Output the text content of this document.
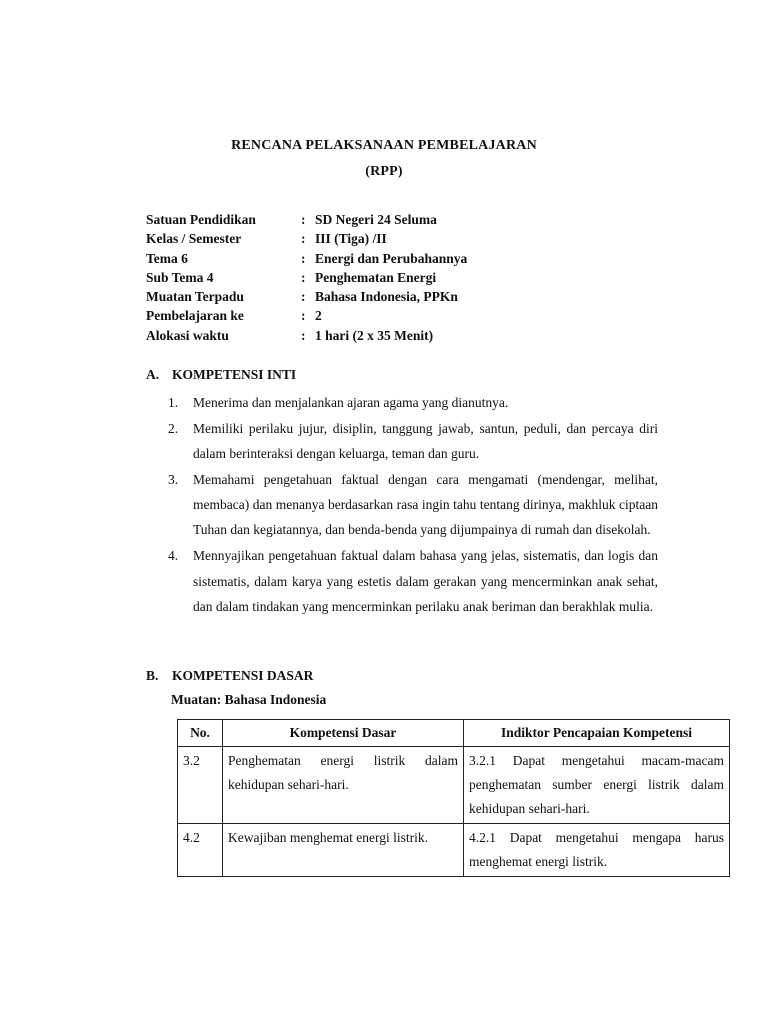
RENCANA PELAKSANAAN PEMBELAJARAN
(RPP)
Satuan Pendidikan	:	SD Negeri 24 Seluma
Kelas / Semester	:	III (Tiga) /II
Tema 6	:	Energi dan Perubahannya
Sub Tema 4	:	Penghematan Energi
Muatan Terpadu	:	Bahasa Indonesia, PPKn
Pembelajaran ke	:	2
Alokasi waktu	:	1 hari (2 x 35 Menit)
A. KOMPETENSI INTI
1. Menerima dan menjalankan ajaran agama yang dianutnya.
2. Memiliki perilaku jujur, disiplin, tanggung jawab, santun, peduli, dan percaya diri dalam berinteraksi dengan keluarga, teman dan guru.
3. Memahami pengetahuan faktual dengan cara mengamati (mendengar, melihat, membaca) dan menanya berdasarkan rasa ingin tahu tentang dirinya, makhluk ciptaan Tuhan dan kegiatannya, dan benda-benda yang dijumpainya di rumah dan disekolah.
4. Mennyajikan pengetahuan faktual dalam bahasa yang jelas, sistematis, dan logis dan sistematis, dalam karya yang estetis dalam gerakan yang mencerminkan anak sehat, dan dalam tindakan yang mencerminkan perilaku anak beriman dan berakhlak mulia.
B. KOMPETENSI DASAR
Muatan: Bahasa Indonesia
No.	Kompetensi Dasar	Indiktor Pencapaian Kompetensi
3.2	Penghematan energi listrik dalam kehidupan sehari-hari.	3.2.1 Dapat mengetahui macam-macam penghematan sumber energi listrik dalam kehidupan sehari-hari.
4.2	Kewajiban menghemat energi listrik.	4.2.1 Dapat mengetahui mengapa harus menghemat energi listrik.
